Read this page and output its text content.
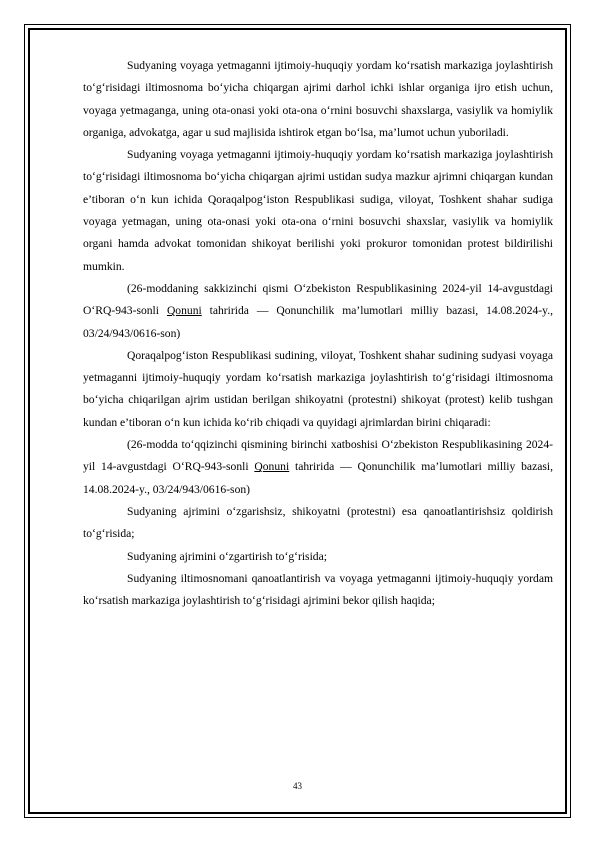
Sudyaning voyaga yetmaganni ijtimoiy-huquqiy yordam ko‘rsatish markaziga joylashtirish to‘g‘risidagi iltimosnoma bo‘yicha chiqargan ajrimi darhol ichki ishlar organiga ijro etish uchun, voyaga yetmaganga, uning ota-onasi yoki ota-ona o‘rnini bosuvchi shaxslarga, vasiylik va homiylik organiga, advokatga, agar u sud majlisida ishtirok etgan bo‘lsa, ma’lumot uchun yuboriladi.

Sudyaning voyaga yetmaganni ijtimoiy-huquqiy yordam ko‘rsatish markaziga joylashtirish to‘g‘risidagi iltimosnoma bo‘yicha chiqargan ajrimi ustidan sudya mazkur ajrimni chiqargan kundan e’tiboran o‘n kun ichida Qoraqalpog‘iston Respublikasi sudiga, viloyat, Toshkent shahar sudiga voyaga yetmagan, uning ota-onasi yoki ota-ona o‘rnini bosuvchi shaxslar, vasiylik va homiylik organi hamda advokat tomonidan shikoyat berilishi yoki prokuror tomonidan protest bildirilishi mumkin.

(26-moddaning sakkizinchi qismi O‘zbekiston Respublikasining 2024-yil 14-avgustdagi O‘RQ-943-sonli Qonuni tahririda — Qonunchilik ma’lumotlari milliy bazasi, 14.08.2024-y., 03/24/943/0616-son)

Qoraqalpog‘iston Respublikasi sudining, viloyat, Toshkent shahar sudining sudyasi voyaga yetmaganni ijtimoiy-huquqiy yordam ko‘rsatish markaziga joylashtirish to‘g‘risidagi iltimosnoma bo‘yicha chiqarilgan ajrim ustidan berilgan shikoyatni (protestni) shikoyat (protest) kelib tushgan kundan e’tiboran o‘n kun ichida ko‘rib chiqadi va quyidagi ajrimlardan birini chiqaradi:

(26-modda to‘qqizinchi qismining birinchi xatboshisi O‘zbekiston Respublikasining 2024-yil 14-avgustdagi O‘RQ-943-sonli Qonuni tahririda — Qonunchilik ma’lumotlari milliy bazasi, 14.08.2024-y., 03/24/943/0616-son)

Sudyaning ajrimini o‘zgarishsiz, shikoyatni (protestni) esa qanoatlantirishsiz qoldirish to‘g‘risida;

Sudyaning ajrimini o‘zgartirish to‘g‘risida;

Sudyaning iltimosnomani qanoatlantirish va voyaga yetmaganni ijtimoiy-huquqiy yordam ko‘rsatish markaziga joylashtirish to‘g‘risidagi ajrimini bekor qilish haqida;

43
